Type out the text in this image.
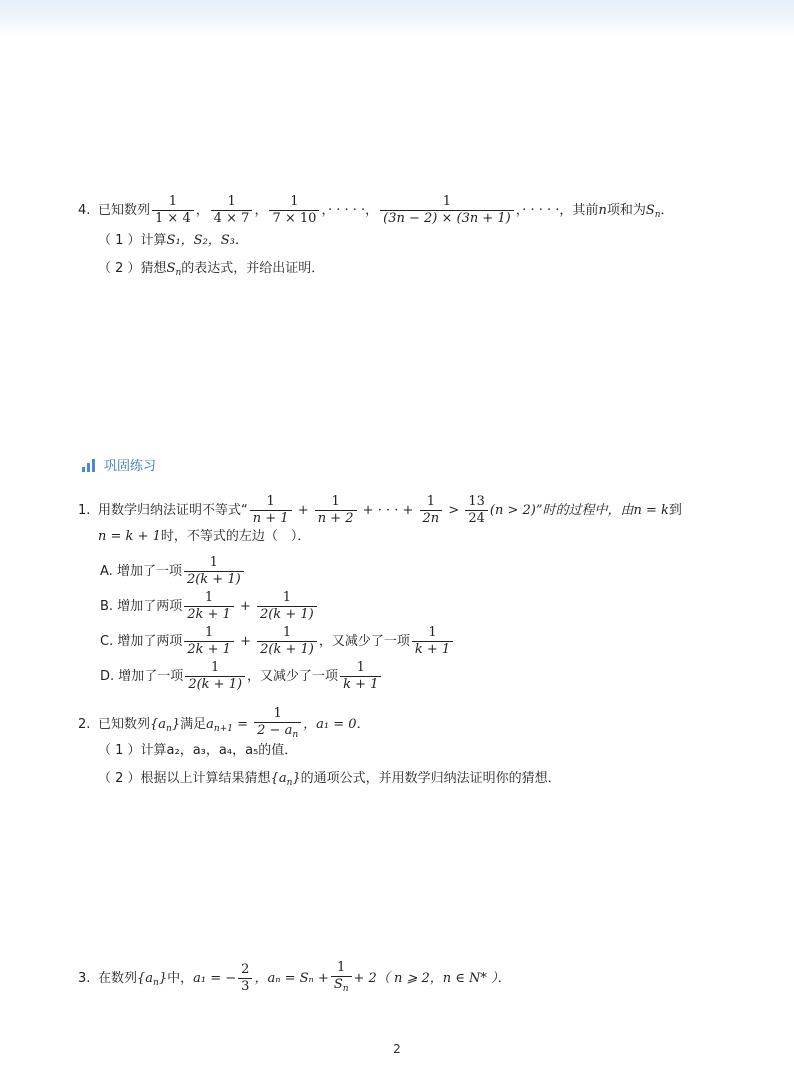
4. 已知数列 $\frac{1}{1 \times 4}$ ， $\frac{1}{4 \times 7}$ ， $\frac{1}{7 \times 10}$ ，· · · · ·， $\frac{1}{(3n - 2) \times (3n + 1)}$ ，· · · · ·，其前n项和为$S_n$．
（ 1 ）计算S₁，S₂，S₃．
（ 2 ）猜想$S_n$的表达式，并给出证明．
巩固练习
1. 用数学归纳法证明不等式“ $\frac{1}{n + 1} + \frac{1}{n + 2}$ + · · · + $\frac{1}{2n} > \frac{13}{24} (n > 2)$”时的过程中，由n = k到
n = k + 1时，不等式的左边（　）．
A. 增加了一项 $\frac{1}{2(k + 1)}$
B. 增加了两项 $\frac{1}{2k + 1} + \frac{1}{2(k + 1)}$
C. 增加了两项 $\frac{1}{2k + 1} + \frac{1}{2(k + 1)}$ ，又减少了一项 $\frac{1}{k + 1}$
D. 增加了一项 $\frac{1}{2(k + 1)}$ ，又减少了一项 $\frac{1}{k + 1}$
2. 已知数列$\{a_n\}$满足$a_{n+1} = \frac{1}{2 - a_n}$ ，a₁ = 0．
（ 1 ）计算a₂，a₃，a₄，a₅的值．
（ 2 ）根据以上计算结果猜想$\{a_n\}$的通项公式，并用数学归纳法证明你的猜想．
3. 在数列$\{a_n\}$中，a₁ = − $\frac{2}{3}$ ，$a_n = S_n + \frac{1}{S_n} + 2$（ n ⩾ 2，n ∈ N* ）．
2
